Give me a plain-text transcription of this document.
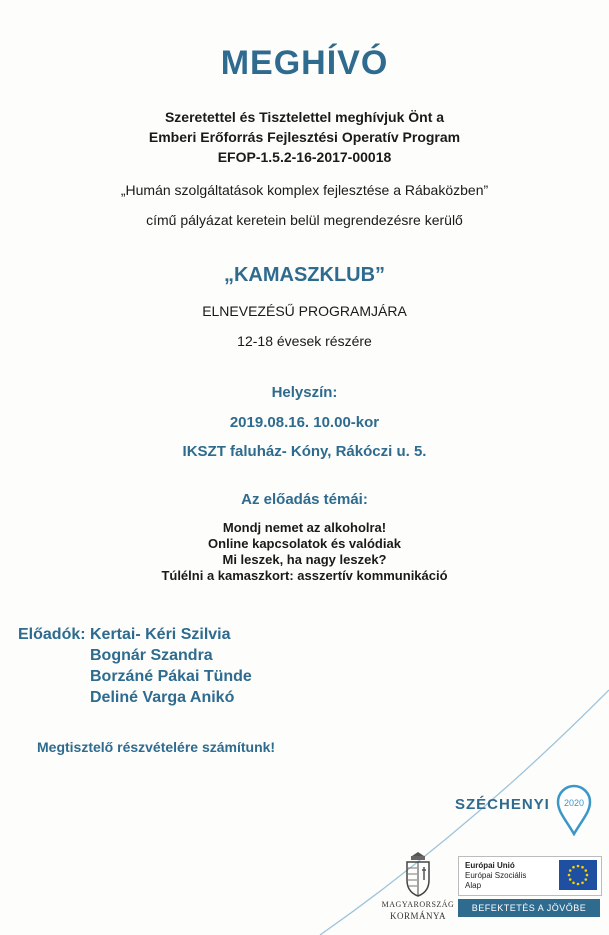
MEGHÍVÓ
Szeretettel és Tisztelettel meghívjuk Önt a
Emberi Erőforrás Fejlesztési Operatív Program
EFOP-1.5.2-16-2017-00018
„Humán szolgáltatások komplex fejlesztése a Rábaközben”
című pályázat keretein belül megrendezésre kerülő
„KAMASZKLUB”
ELNEVEZÉSŰ PROGRAMJÁRA
12-18 évesek részére
Helyszín:
2019.08.16. 10.00-kor
IKSZT faluház- Kóny, Rákóczi u. 5.
Az előadás témái:
Mondj nemet az alkoholra!
Online kapcsolatok és valódiak
Mi leszek, ha nagy leszek?
Túlélni a kamaszkort: asszertív kommunikáció
Előadók: Kertai- Kéri Szilvia
Bognár Szandra
Borzáné Pákai Tünde
Deliné Varga Anikó
Megtisztelő részvételére számítunk!
SZÉCHENYI 2020
MAGYARORSZÁG
KORMÁNYA
Európai Unió
Európai Szociális
Alap
BEFEKTETÉS A JÖVŐBE
